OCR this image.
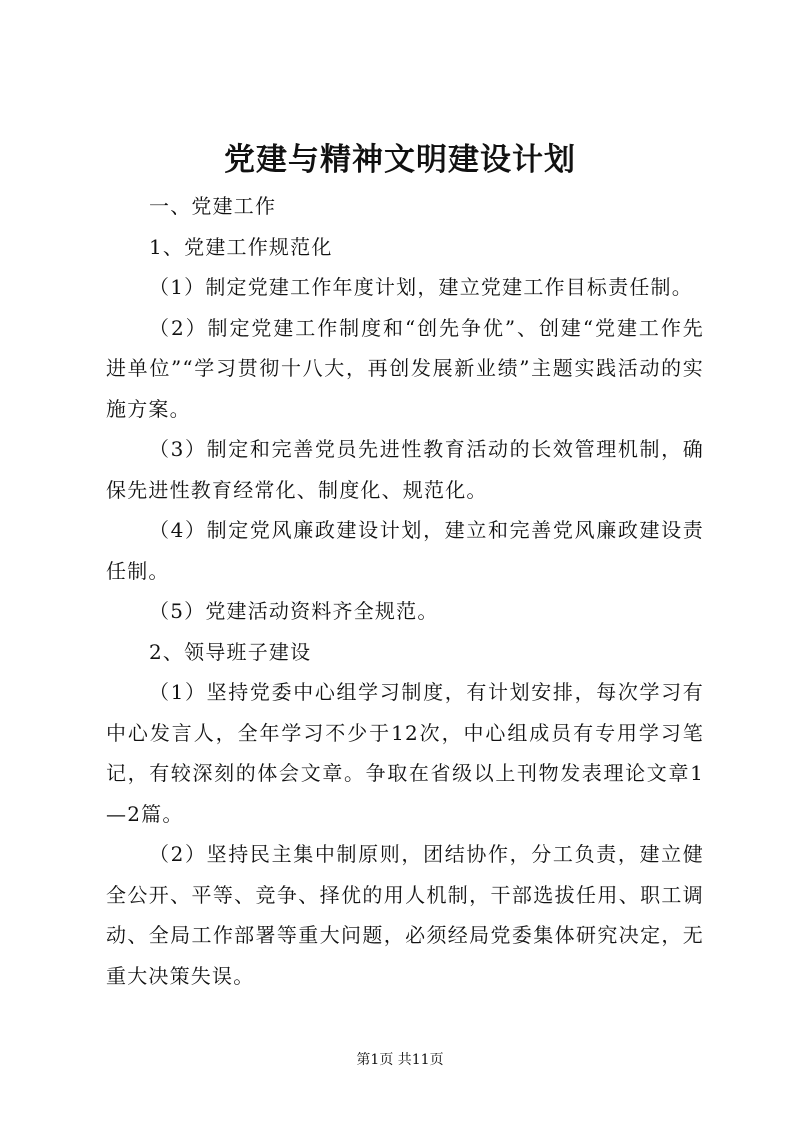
党建与精神文明建设计划

一、党建工作

1、党建工作规范化

（1）制定党建工作年度计划，建立党建工作目标责任制。

（2）制定党建工作制度和“创先争优”、创建“党建工作先进单位”“学习贯彻十八大，再创发展新业绩”主题实践活动的实施方案。

（3）制定和完善党员先进性教育活动的长效管理机制，确保先进性教育经常化、制度化、规范化。

（4）制定党风廉政建设计划，建立和完善党风廉政建设责任制。

（5）党建活动资料齐全规范。

2、领导班子建设

（1）坚持党委中心组学习制度，有计划安排，每次学习有中心发言人，全年学习不少于12次，中心组成员有专用学习笔记，有较深刻的体会文章。争取在省级以上刊物发表理论文章1—2篇。

（2）坚持民主集中制原则，团结协作，分工负责，建立健全公开、平等、竞争、择优的用人机制，干部选拔任用、职工调动、全局工作部署等重大问题，必须经局党委集体研究决定，无重大决策失误。

第1页 共11页
